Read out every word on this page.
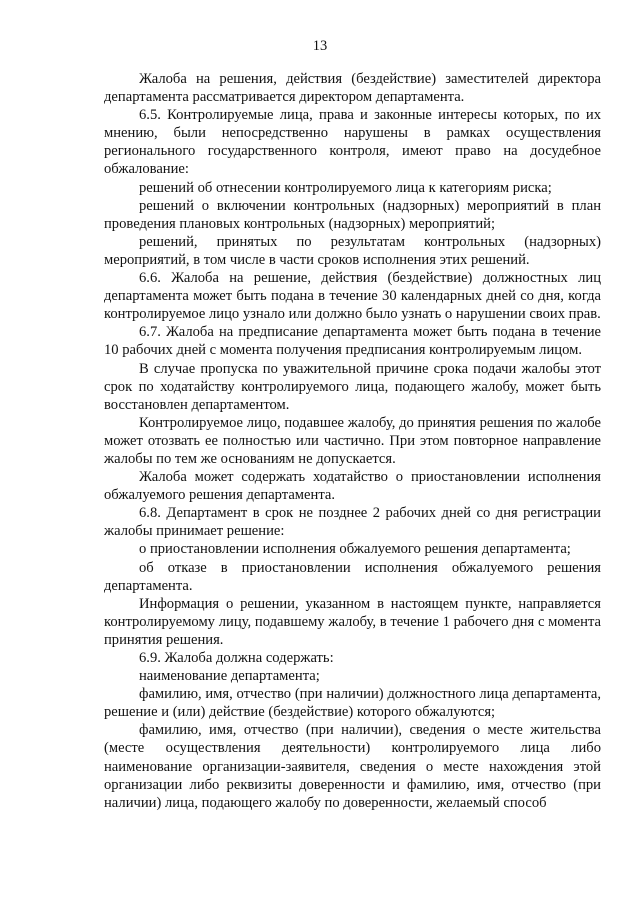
13

Жалоба на решения, действия (бездействие) заместителей директора департамента рассматривается директором департамента.

6.5. Контролируемые лица, права и законные интересы которых, по их мнению, были непосредственно нарушены в рамках осуществления регионального государственного контроля, имеют право на досудебное обжалование:

решений об отнесении контролируемого лица к категориям риска;

решений о включении контрольных (надзорных) мероприятий в план проведения плановых контрольных (надзорных) мероприятий;

решений, принятых по результатам контрольных (надзорных) мероприятий, в том числе в части сроков исполнения этих решений.

6.6. Жалоба на решение, действия (бездействие) должностных лиц департамента может быть подана в течение 30 календарных дней со дня, когда контролируемое лицо узнало или должно было узнать о нарушении своих прав.

6.7. Жалоба на предписание департамента может быть подана в течение 10 рабочих дней с момента получения предписания контролируемым лицом.

В случае пропуска по уважительной причине срока подачи жалобы этот срок по ходатайству контролируемого лица, подающего жалобу, может быть восстановлен департаментом.

Контролируемое лицо, подавшее жалобу, до принятия решения по жалобе может отозвать ее полностью или частично. При этом повторное направление жалобы по тем же основаниям не допускается.

Жалоба может содержать ходатайство о приостановлении исполнения обжалуемого решения департамента.

6.8. Департамент в срок не позднее 2 рабочих дней со дня регистрации жалобы принимает решение:

о приостановлении исполнения обжалуемого решения департамента;

об отказе в приостановлении исполнения обжалуемого решения департамента.

Информация о решении, указанном в настоящем пункте, направляется контролируемому лицу, подавшему жалобу, в течение 1 рабочего дня с момента принятия решения.

6.9. Жалоба должна содержать:

наименование департамента;

фамилию, имя, отчество (при наличии) должностного лица департамента, решение и (или) действие (бездействие) которого обжалуются;

фамилию, имя, отчество (при наличии), сведения о месте жительства (месте осуществления деятельности) контролируемого лица либо наименование организации-заявителя, сведения о месте нахождения этой организации либо реквизиты доверенности и фамилию, имя, отчество (при наличии) лица, подающего жалобу по доверенности, желаемый способ
